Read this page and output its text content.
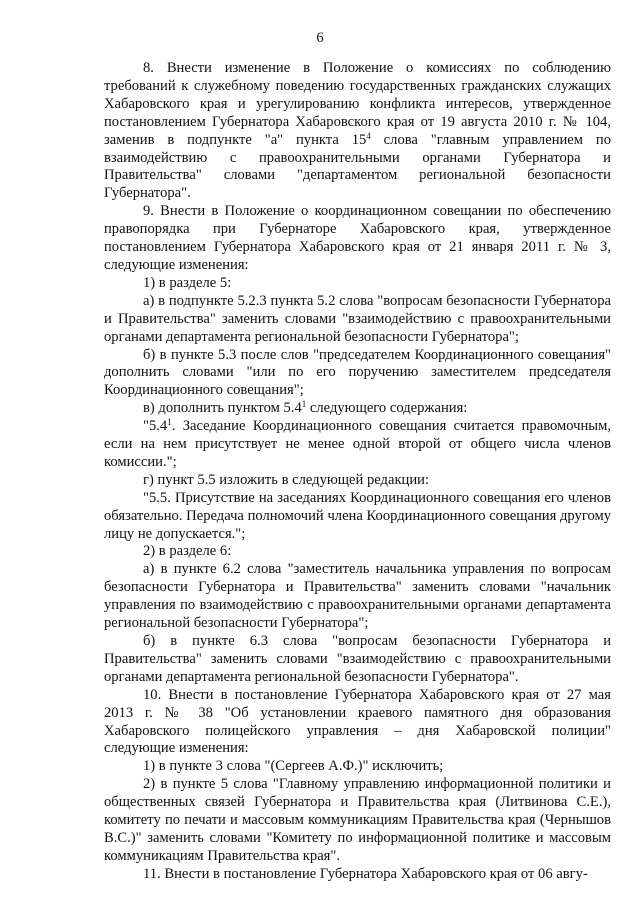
6

8. Внести изменение в Положение о комиссиях по соблюдению требований к служебному поведению государственных гражданских служащих Хабаровского края и урегулированию конфликта интересов, утвержденное постановлением Губернатора Хабаровского края от 19 августа 2010 г. № 104, заменив в подпункте "а" пункта $15^4$ слова "главным управлением по взаимодействию с правоохранительными органами Губернатора и Правительства" словами "департаментом региональной безопасности Губернатора".

9. Внести в Положение о координационном совещании по обеспечению правопорядка при Губернаторе Хабаровского края, утвержденное постановлением Губернатора Хабаровского края от 21 января 2011 г. № 3, следующие изменения:

1) в разделе 5:

а) в подпункте 5.2.3 пункта 5.2 слова "вопросам безопасности Губернатора и Правительства" заменить словами "взаимодействию с правоохранительными органами департамента региональной безопасности Губернатора";

б) в пункте 5.3 после слов "председателем Координационного совещания" дополнить словами "или по его поручению заместителем председателя Координационного совещания";

в) дополнить пунктом $5.4^1$ следующего содержания:

"$5.4^1$. Заседание Координационного совещания считается правомочным, если на нем присутствует не менее одной второй от общего числа членов комиссии.";

г) пункт 5.5 изложить в следующей редакции:

"5.5. Присутствие на заседаниях Координационного совещания его членов обязательно. Передача полномочий члена Координационного совещания другому лицу не допускается.";

2) в разделе 6:

а) в пункте 6.2 слова "заместитель начальника управления по вопросам безопасности Губернатора и Правительства" заменить словами "начальник управления по взаимодействию с правоохранительными органами департамента региональной безопасности Губернатора";

б) в пункте 6.3 слова "вопросам безопасности Губернатора и Правительства" заменить словами "взаимодействию с правоохранительными органами департамента региональной безопасности Губернатора".

10. Внести в постановление Губернатора Хабаровского края от 27 мая 2013 г. № 38 "Об установлении краевого памятного дня образования Хабаровского полицейского управления – дня Хабаровской полиции" следующие изменения:

1) в пункте 3 слова "(Сергеев А.Ф.)" исключить;

2) в пункте 5 слова "Главному управлению информационной политики и общественных связей Губернатора и Правительства края (Литвинова С.Е.), комитету по печати и массовым коммуникациям Правительства края (Чернышов В.С.)" заменить словами "Комитету по информационной политике и массовым коммуникациям Правительства края".

11. Внести в постановление Губернатора Хабаровского края от 06 авгу-
